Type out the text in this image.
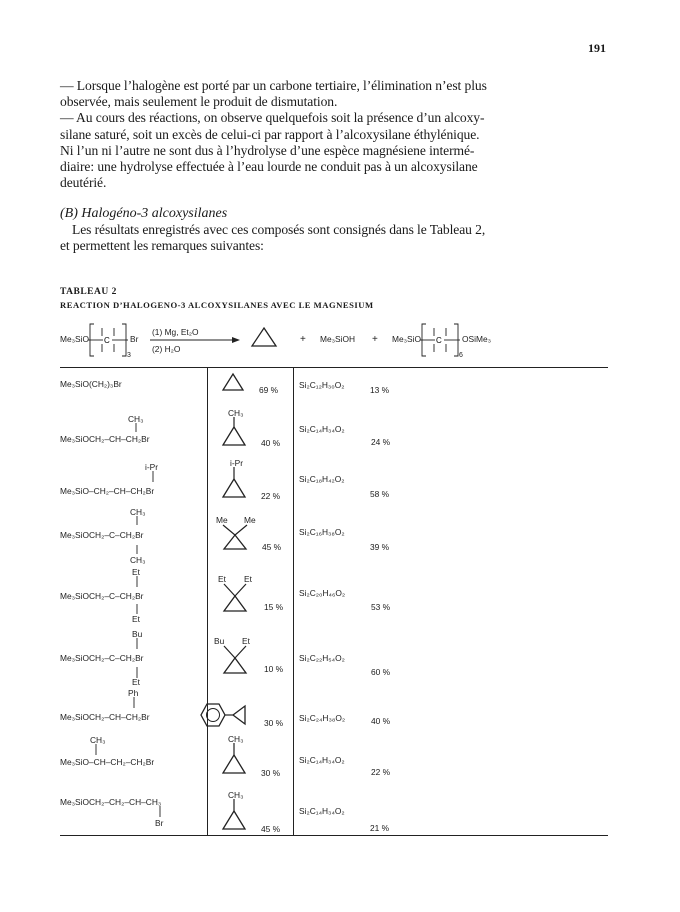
191
— Lorsque l’halogène est porté par un carbone tertiaire, l’élimination n’est plus
observée, mais seulement le produit de dismutation.
— Au cours des réactions, on observe quelquefois soit la présence d’un alcoxy-
silane saturé, soit un excès de celui-ci par rapport à l’alcoxysilane éthylénique.
Ni l’un ni l’autre ne sont dus à l’hydrolyse d’une espèce magnésiene intermé-
diaire: une hydrolyse effectuée à l’eau lourde ne conduit pas à un alcoxysilane
deutérié.
(B) Halogéno-3 alcoxysilanes
Les résultats enregistrés avec ces composés sont consignés dans le Tableau 2,
et permettent les remarques suivantes:
TABLEAU 2
REACTION D’HALOGENO-3 ALCOXYSILANES AVEC LE MAGNESIUM
Me₃SiO C Br
3
(1) Mg, Et₂O
(2) H₂O
+ Me₃SiOH + Me₃SiO C OSiMe₃
6
Me₃SiO(CH₂)₃Br
69 % Si₂C₁₂H₃₀O₂	13 %
CH₃
Me₃SiOCH₂–CH–CH₂Br
CH₃
40 %
Si₂C₁₄H₃₄O₂
24 %
i-Pr
Me₃SiO–CH₂–CH–CH₂Br
i-Pr
22 %
Si₂C₁₈H₄₂O₂
58 %
CH₃
Me₃SiOCH₂–C–CH₂Br
CH₃
Me Me
45 %
Si₂C₁₆H₃₈O₂
39 %
Et
Me₃SiOCH₂–C–CH₂Br
Et
Et Et
15 %
Si₂C₂₀H₄₆O₂
53 %
Bu
Me₃SiOCH₂–C–CH₂Br
Et
Bu Et
10 %
Si₂C₂₂H₅₄O₂
60 %
Ph
Me₃SiOCH₂–CH–CH₂Br
30 % Si₂C₂₄H₃₈O₂	40 %
CH₃
Me₃SiO–CH–CH₂–CH₂Br
CH₃
30 %
Si₂C₁₄H₃₄O₂
22 %
Me₃SiOCH₂–CH₂–CH–CH₃
Br
CH₃
45 %
Si₂C₁₄H₃₄O₂
21 %
